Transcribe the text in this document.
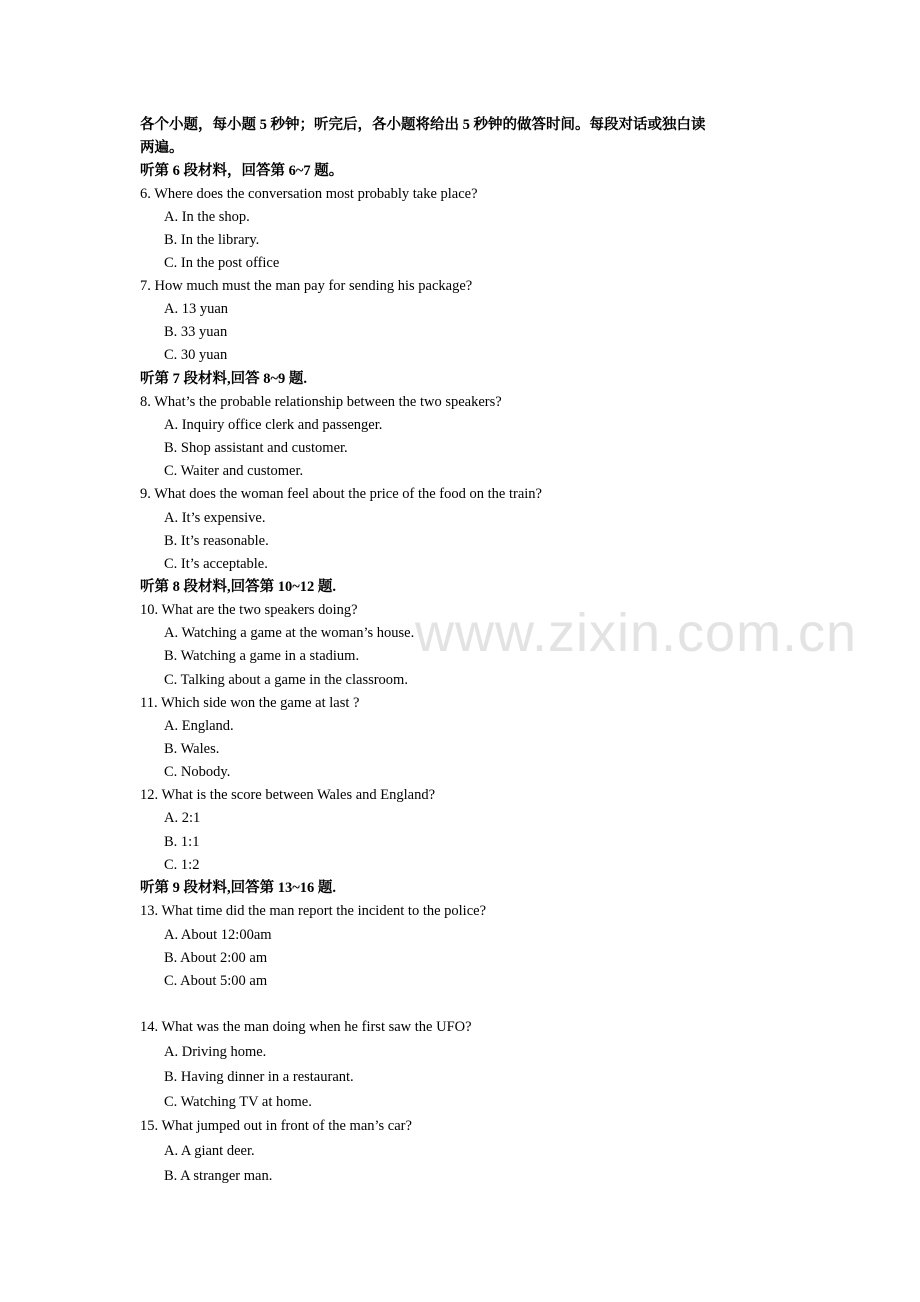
www.zixin.com.cn
各个小题，每小题 5 秒钟；听完后，各小题将给出 5 秒钟的做答时间。每段对话或独白读
两遍。
听第 6 段材料，回答第 6~7 题。
6. Where does the conversation most probably take place?
A. In the shop.
B. In the library.
C. In the post office
7. How much must the man pay for sending his package?
A. 13 yuan
B. 33 yuan
C. 30 yuan
听第 7 段材料,回答 8~9 题.
8. What’s the probable relationship between the two speakers?
A. Inquiry office clerk and passenger.
B. Shop assistant and customer.
C. Waiter and customer.
9. What does the woman feel about the price of the food on the train?
A. It’s expensive.
B. It’s reasonable.
C. It’s acceptable.
听第 8 段材料,回答第 10~12 题.
10. What are the two speakers doing?
A. Watching a game at the woman’s house.
B. Watching a game in a stadium.
C. Talking about a game in the classroom.
11. Which side won the game at last ?
A. England.
B. Wales.
C. Nobody.
12. What is the score between Wales and England?
A. 2:1
B. 1:1
C. 1:2
听第 9 段材料,回答第 13~16 题.
13. What time did the man report the incident to the police?
A. About 12:00am
B. About 2:00 am
C. About 5:00 am
14. What was the man doing when he first saw the UFO?
A. Driving home.
B. Having dinner in a restaurant.
C. Watching TV at home.
15. What jumped out in front of the man’s car?
A. A giant deer.
B. A stranger man.
